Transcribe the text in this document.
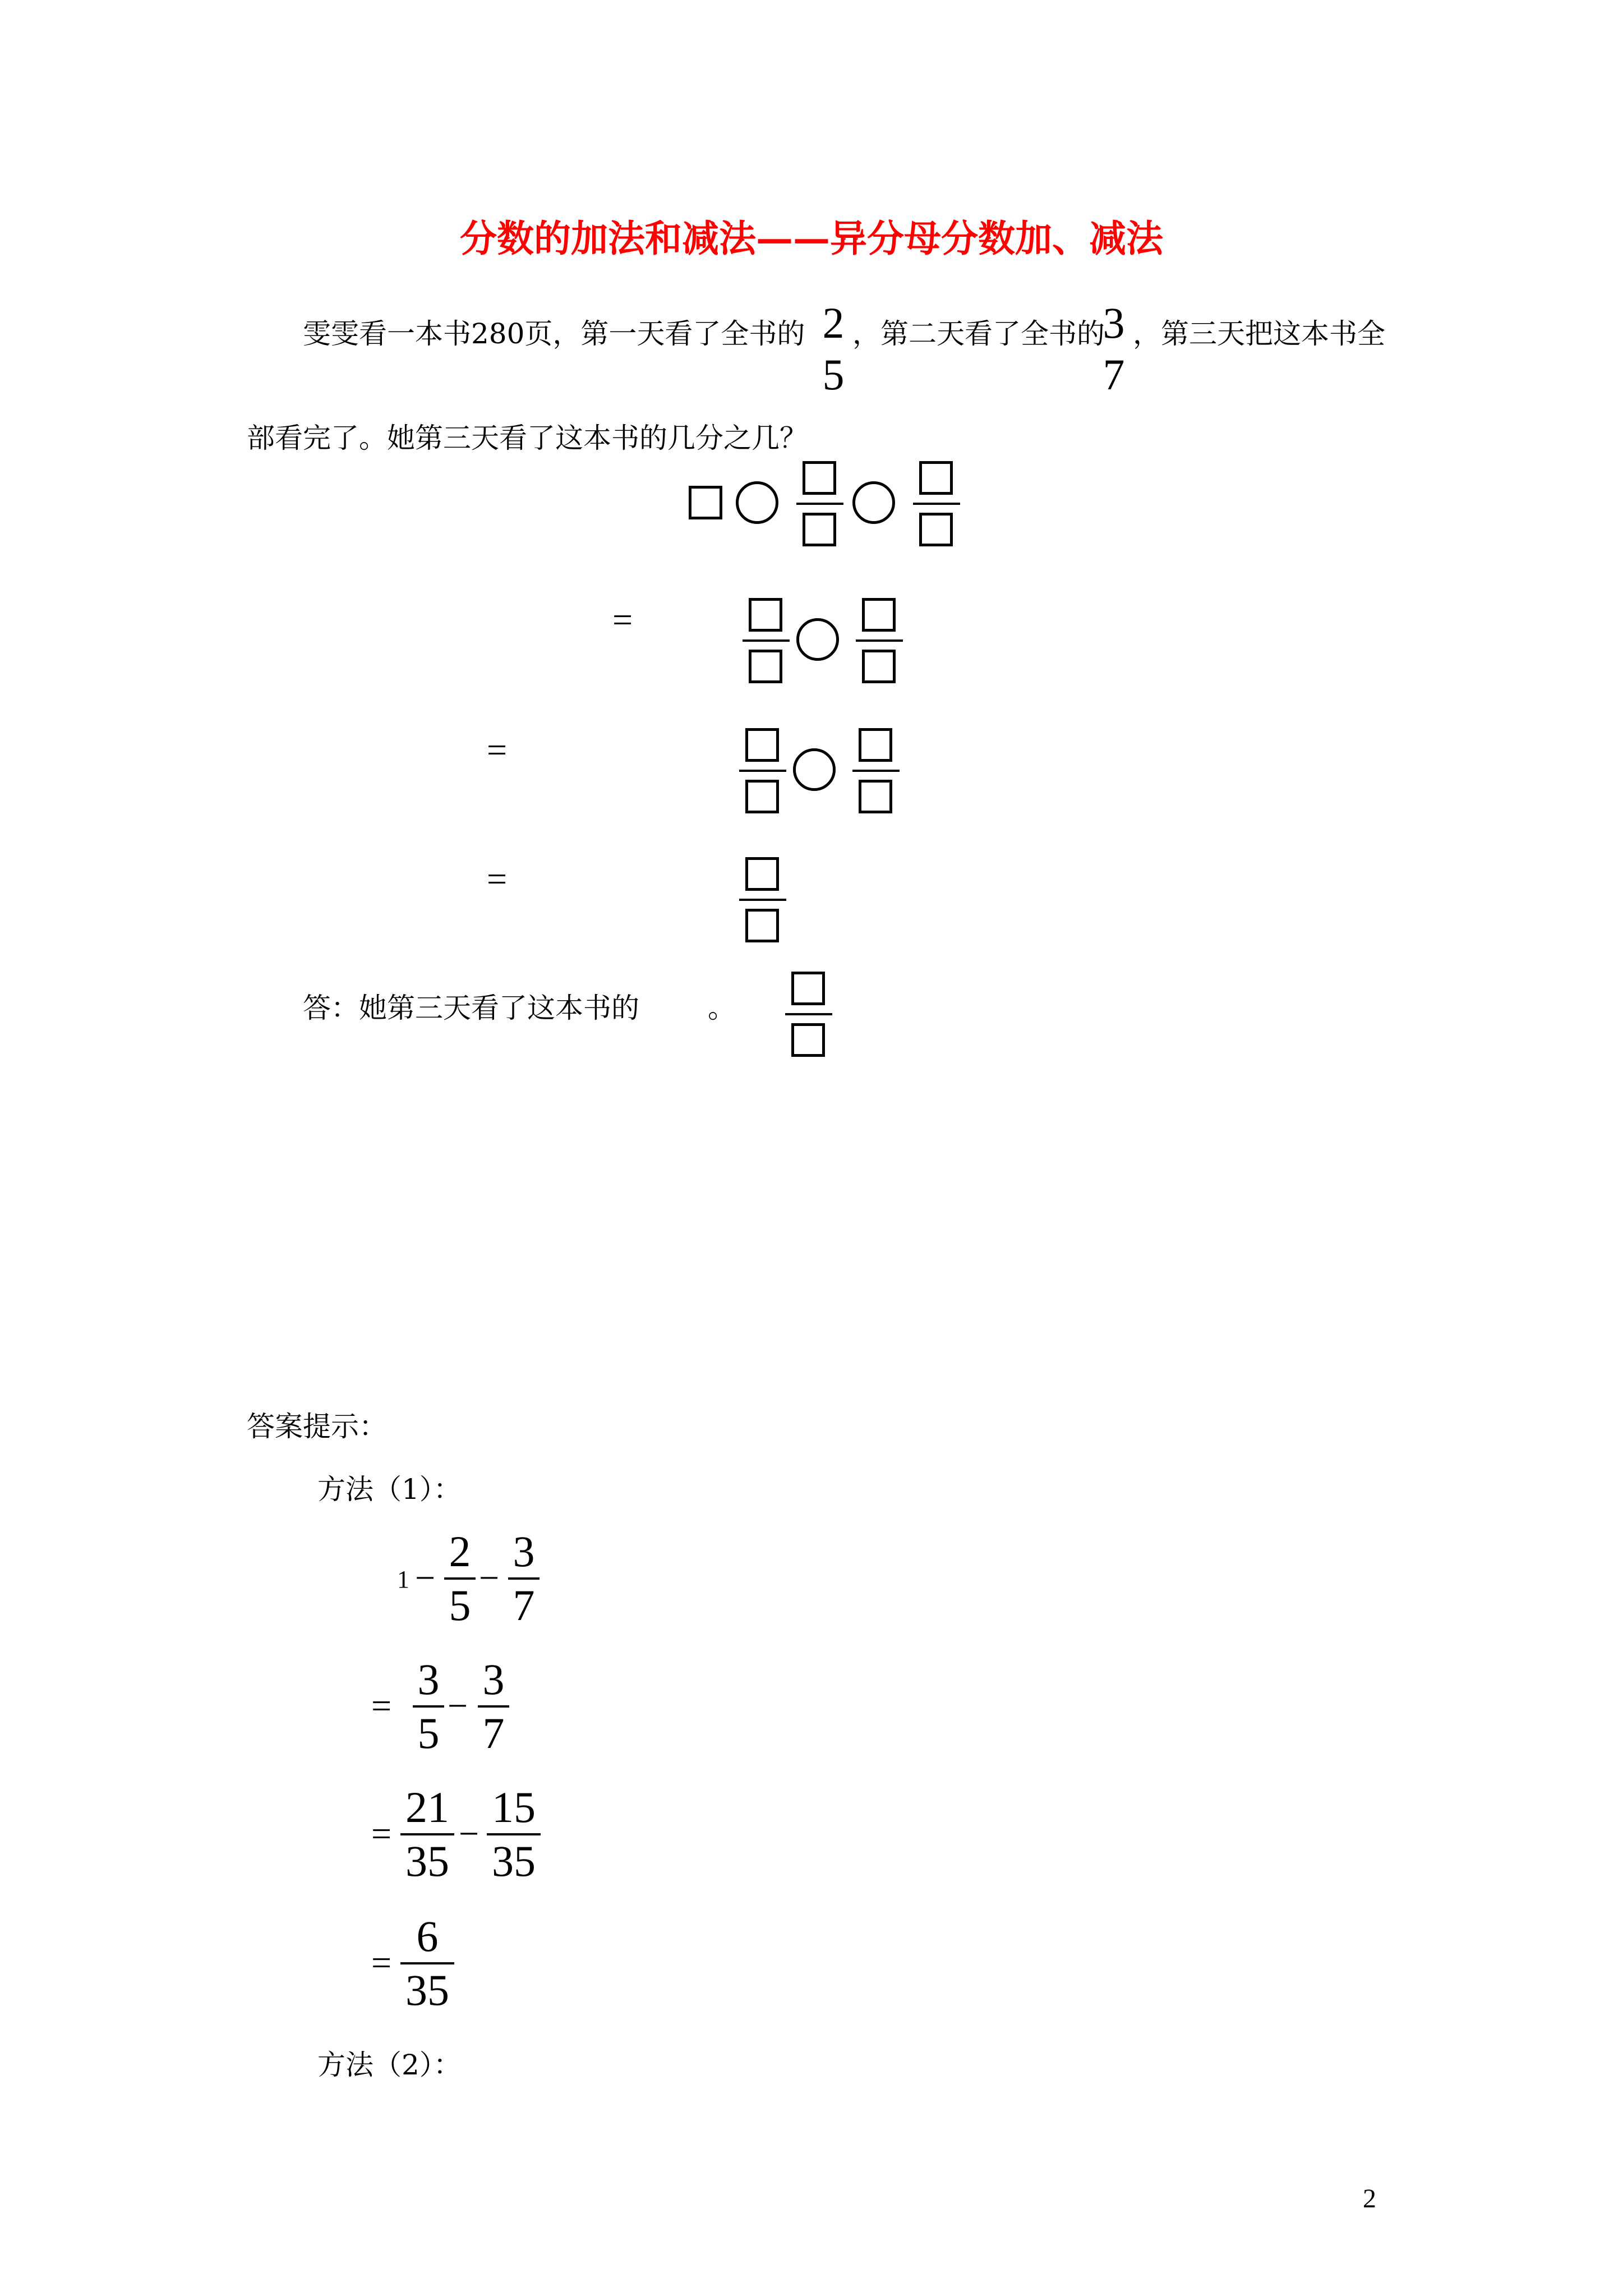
分数的加法和减法——异分母分数加、减法
雯雯看一本书280页，第一天看了全书的 2
5
，第二天看了全书的
3
7
，第三天把这本书全
部看完了。她第三天看了这本书的几分之几？
=
=
=
答：她第三天看了这本书的 。
答案提示：
方法（1）：
1 −
2
5
−
3
7
=
3
5
−
3
7
=
21
35
−
15
35
=
6
35
方法（2）：
2
